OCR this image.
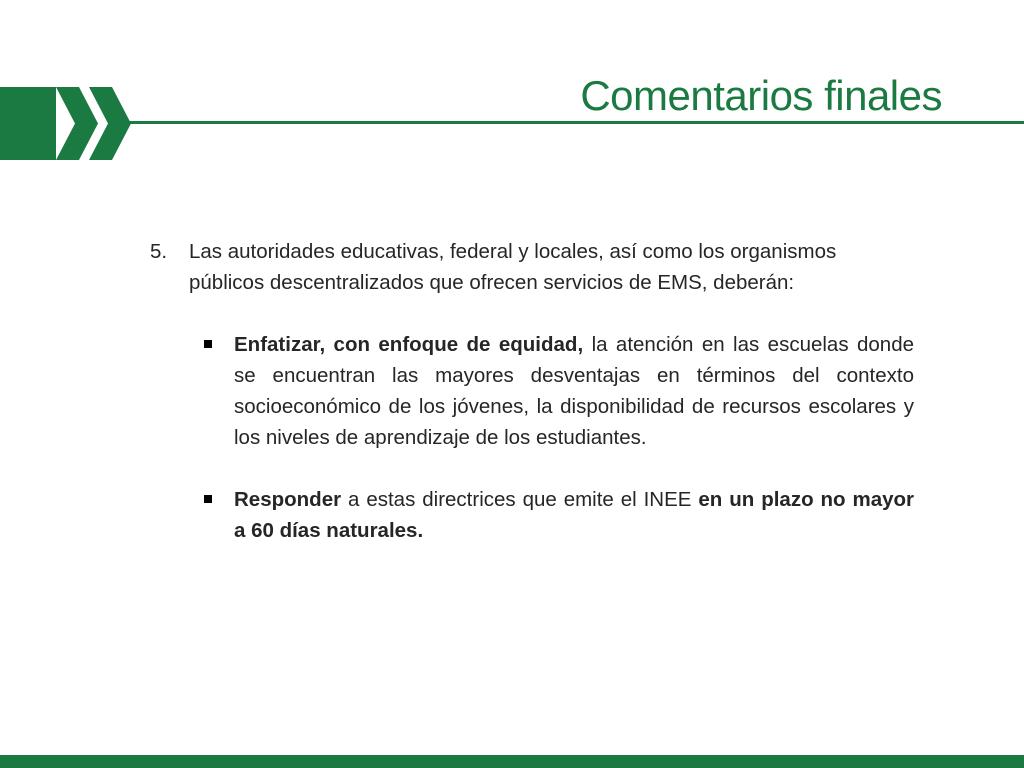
Comentarios finales
5.	Las autoridades educativas, federal y locales, así como los organismos públicos descentralizados que ofrecen servicios de EMS, deberán:
Enfatizar, con enfoque de equidad, la atención en las escuelas donde se encuentran las mayores desventajas en términos del contexto socioeconómico de los jóvenes, la disponibilidad de recursos escolares y los niveles de aprendizaje de los estudiantes.
Responder a estas directrices que emite el INEE en un plazo no mayor a 60 días naturales.
